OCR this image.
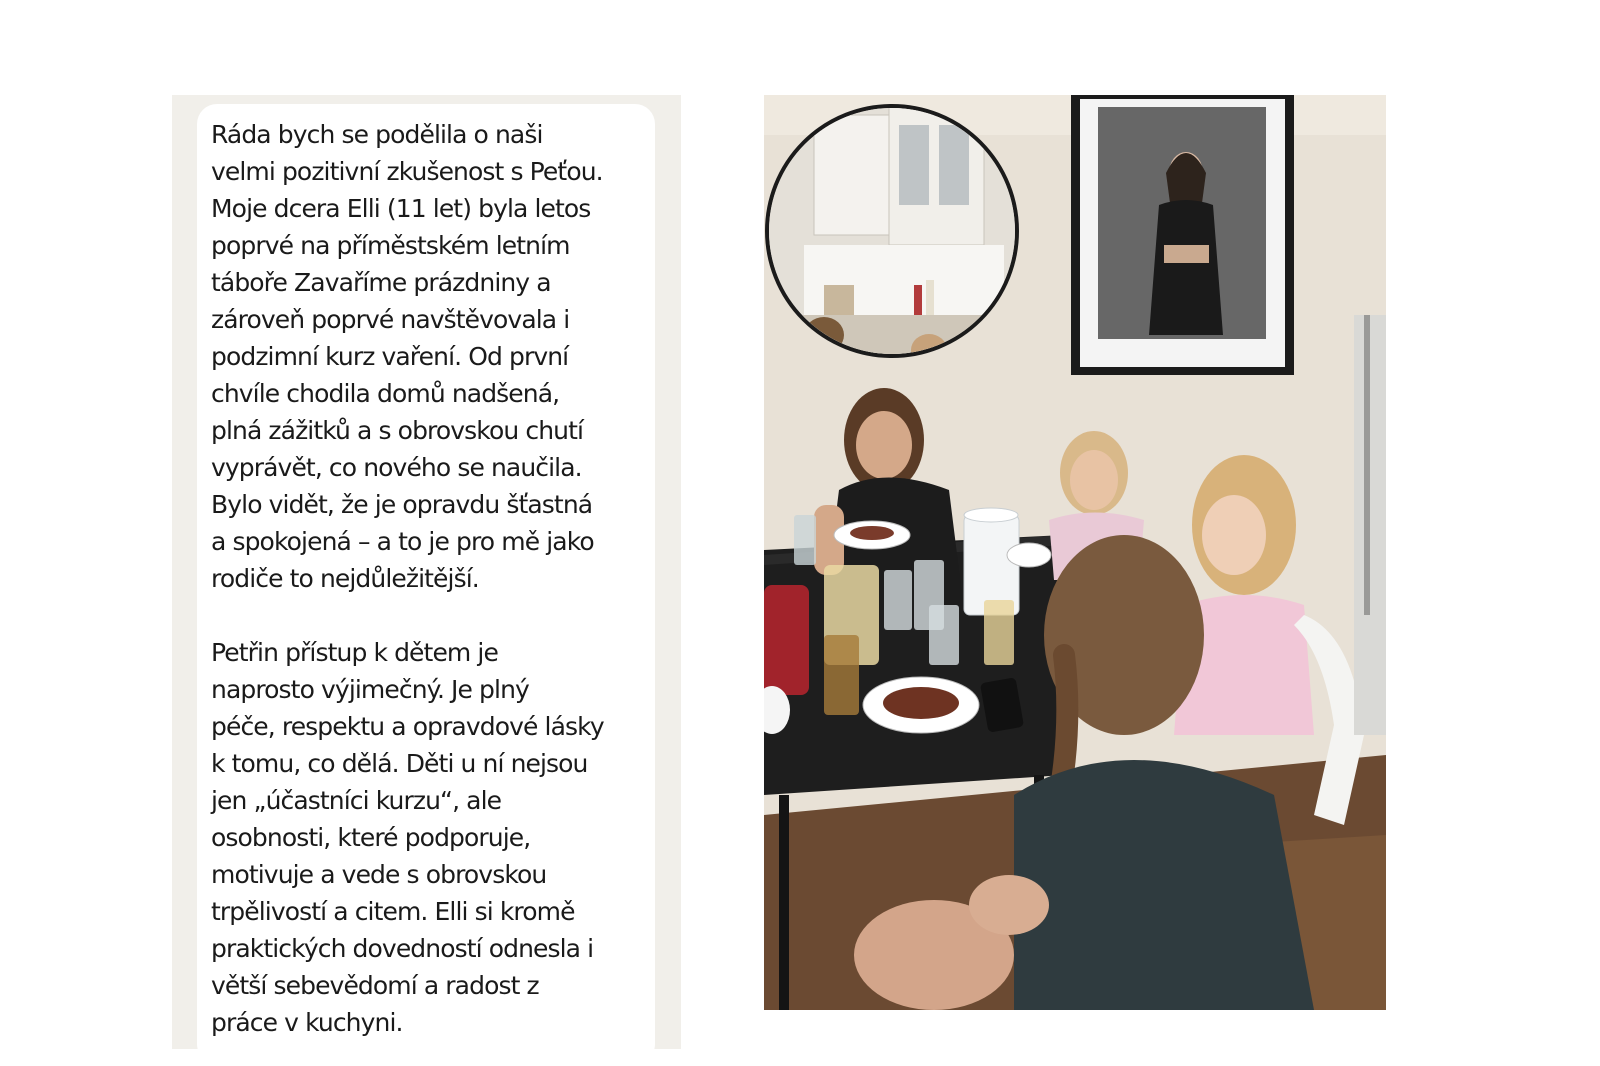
Ráda bych se podělila o naši
velmi pozitivní zkušenost s Peťou.
Moje dcera Elli (11 let) byla letos
poprvé na příměstském letním
táboře Zavaříme prázdniny a
zároveň poprvé navštěvovala i
podzimní kurz vaření. Od první
chvíle chodila domů nadšená,
plná zážitků a s obrovskou chutí
vyprávět, co nového se naučila.
Bylo vidět, že je opravdu šťastná
a spokojená – a to je pro mě jako
rodiče to nejdůležitější.

Petřin přístup k dětem je
naprosto výjimečný. Je plný
péče, respektu a opravdové lásky
k tomu, co dělá. Děti u ní nejsou
jen „účastníci kurzu“, ale
osobnosti, které podporuje,
motivuje a vede s obrovskou
trpělivostí a citem. Elli si kromě
praktických dovedností odnesla i
větší sebevědomí a radost z
práce v kuchyni.
